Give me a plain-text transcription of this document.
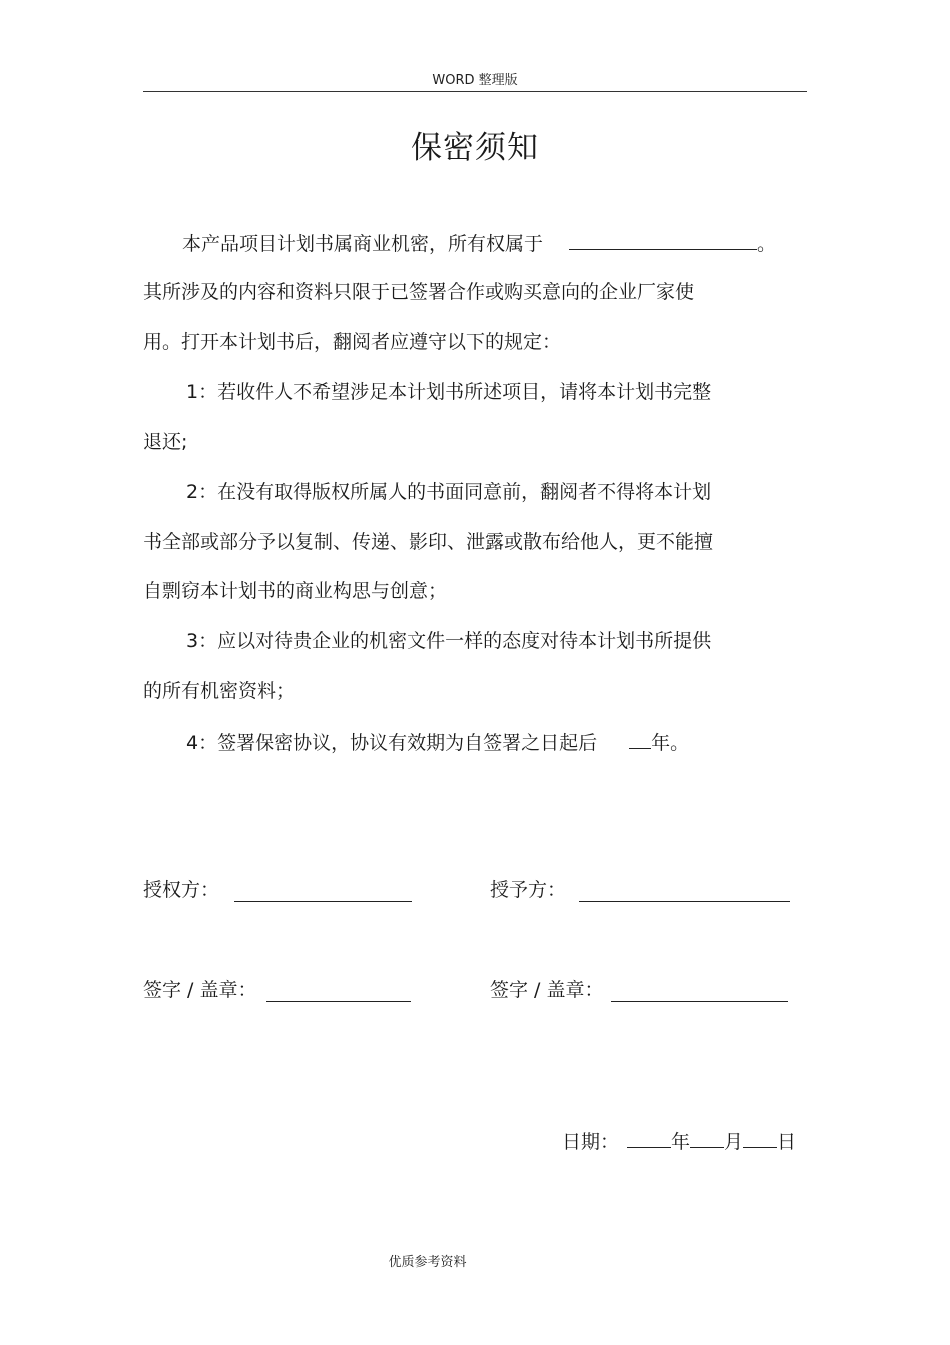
WORD 整理版
保密须知
本产品项目计划书属商业机密，所有权属于	。
其所涉及的内容和资料只限于已签署合作或购买意向的企业厂家使
用。打开本计划书后，翻阅者应遵守以下的规定：
1：若收件人不希望涉足本计划书所述项目，请将本计划书完整
退还;
2：在没有取得版权所属人的书面同意前，翻阅者不得将本计划
书全部或部分予以复制、传递、影印、泄露或散布给他人，更不能擅
自剽窃本计划书的商业构思与创意；
3：应以对待贵企业的机密文件一样的态度对待本计划书所提供
的所有机密资料；
4：签署保密协议，协议有效期为自签署之日起后	年。
授权方：	授予方：
签字 / 盖章：	签字 / 盖章：
日期：	年 月 日
优质参考资料
